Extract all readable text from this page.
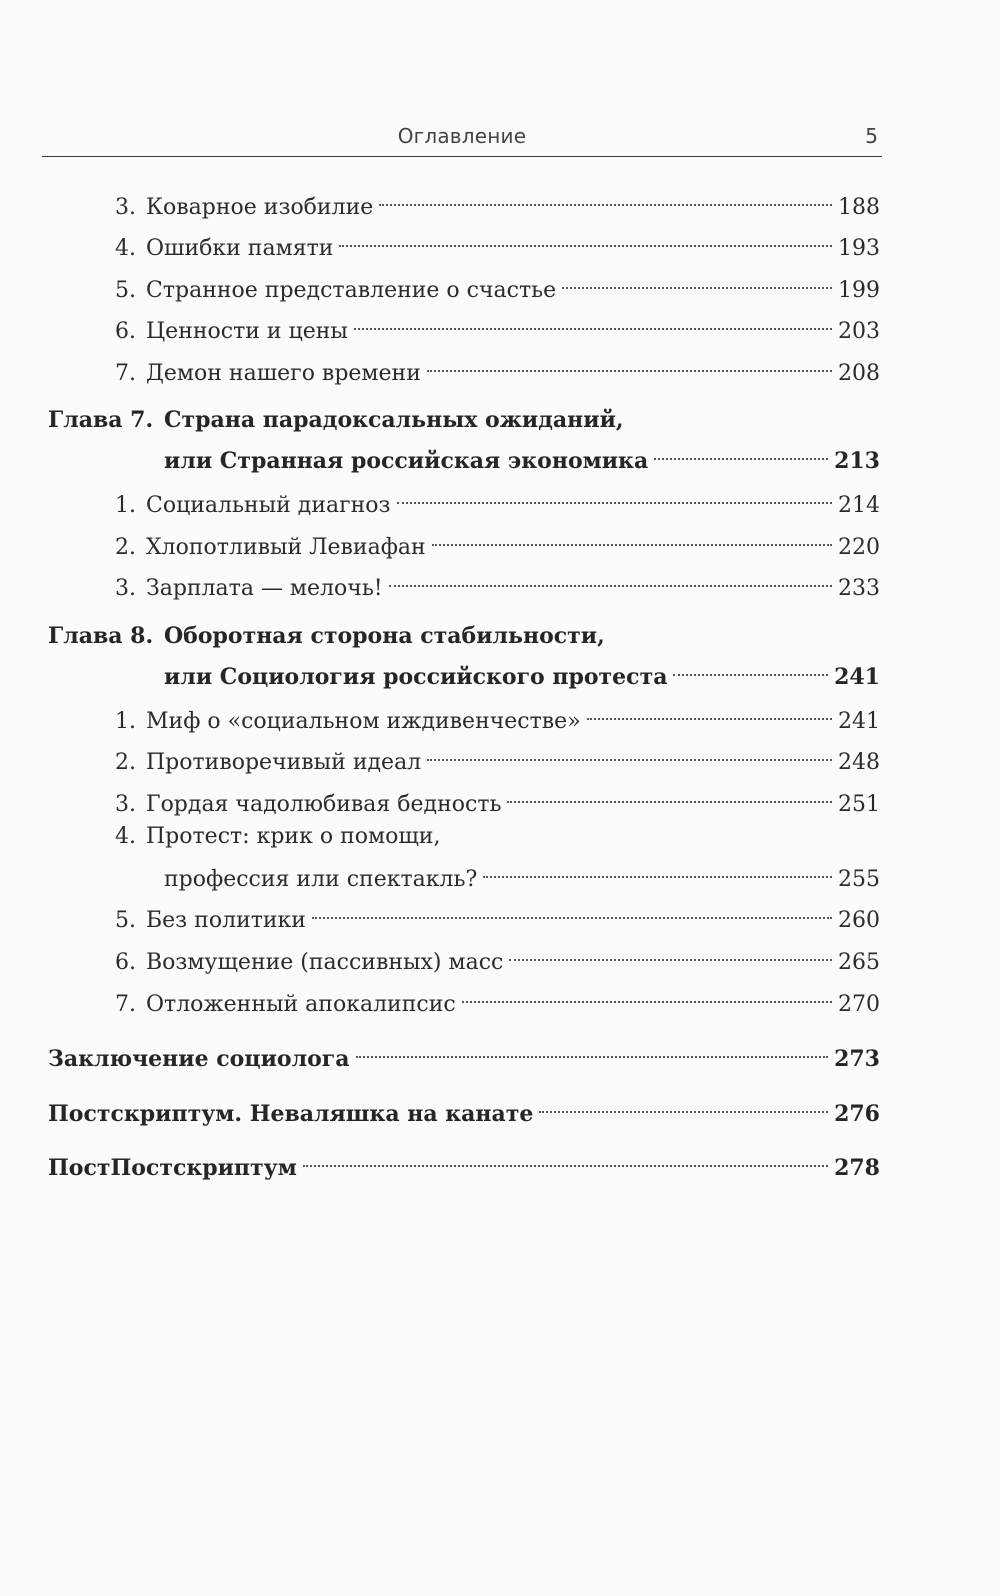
Оглавление	5
3. Коварное изобилие	188
4. Ошибки памяти	193
5. Странное представление о счастье	199
6. Ценности и цены	203
7. Демон нашего времени	208
Глава 7. Страна парадоксальных ожиданий,
или Странная российская экономика	213
1. Социальный диагноз	214
2. Хлопотливый Левиафан	220
3. Зарплата — мелочь!	233
Глава 8. Оборотная сторона стабильности,
или Социология российского протеста	241
1. Миф о «социальном иждивенчестве»	241
2. Противоречивый идеал	248
3. Гордая чадолюбивая бедность	251
4. Протест: крик о помощи,
профессия или спектакль?	255
5. Без политики	260
6. Возмущение (пассивных) масс	265
7. Отложенный апокалипсис	270
Заключение социолога	273
Постскриптум. Неваляшка на канате	276
ПостПостскриптум	278
